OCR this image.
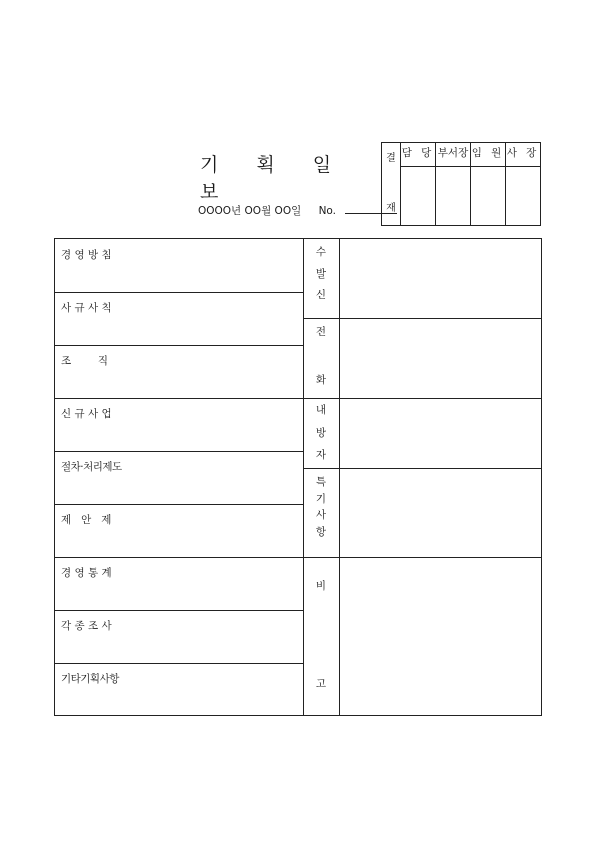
기 획 일 보
OOOO년 OO월 OO일 No.
결
재
담 당 부서장 임 원 사 장
경 영 방 침
사 규 사 칙
조        직
신 규 사 업
절차·처리제도
제   안   제
경 영 통 계
각 종 조 사
기타기획사항
수
발
신
전
화
내
방
자
특
기
사
항
비
고
